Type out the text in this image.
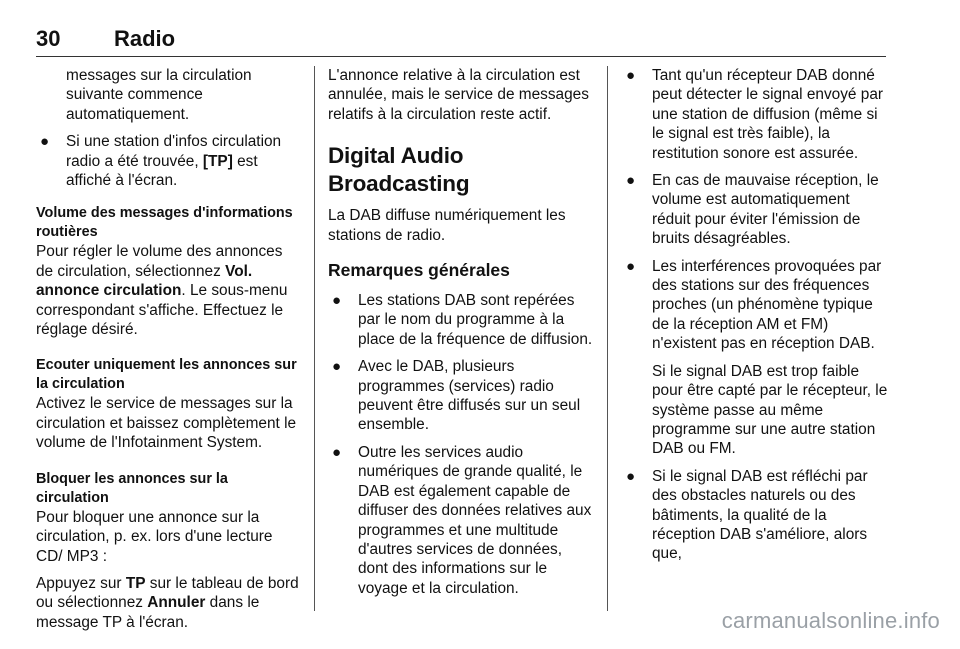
30 Radio

messages sur la circulation suivante commence automatiquement.

● Si une station d'infos circulation radio a été trouvée, [TP] est affiché à l'écran.

Volume des messages d'informations routières

Pour régler le volume des annonces de circulation, sélectionnez Vol. annonce circulation. Le sous-menu correspondant s'affiche. Effectuez le réglage désiré.

Ecouter uniquement les annonces sur la circulation

Activez le service de messages sur la circulation et baissez complètement le volume de l'Infotainment System.

Bloquer les annonces sur la circulation

Pour bloquer une annonce sur la circulation, p. ex. lors d'une lecture CD/ MP3 :

Appuyez sur TP sur le tableau de bord ou sélectionnez Annuler dans le message TP à l'écran.

L'annonce relative à la circulation est annulée, mais le service de messages relatifs à la circulation reste actif.

Digital Audio Broadcasting

La DAB diffuse numériquement les stations de radio.

Remarques générales
● Les stations DAB sont repérées par le nom du programme à la place de la fréquence de diffusion.
● Avec le DAB, plusieurs programmes (services) radio peuvent être diffusés sur un seul ensemble.
● Outre les services audio numériques de grande qualité, le DAB est également capable de diffuser des données relatives aux programmes et une multitude d'autres services de données, dont des informations sur le voyage et la circulation.
● Tant qu'un récepteur DAB donné peut détecter le signal envoyé par une station de diffusion (même si le signal est très faible), la restitution sonore est assurée.
● En cas de mauvaise réception, le volume est automatiquement réduit pour éviter l'émission de bruits désagréables.
● Les interférences provoquées par des stations sur des fréquences proches (un phénomène typique de la réception AM et FM) n'existent pas en réception DAB.

Si le signal DAB est trop faible pour être capté par le récepteur, le système passe au même programme sur une autre station DAB ou FM.

● Si le signal DAB est réfléchi par des obstacles naturels ou des bâtiments, la qualité de la réception DAB s'améliore, alors que,
carmanualsonline.info
